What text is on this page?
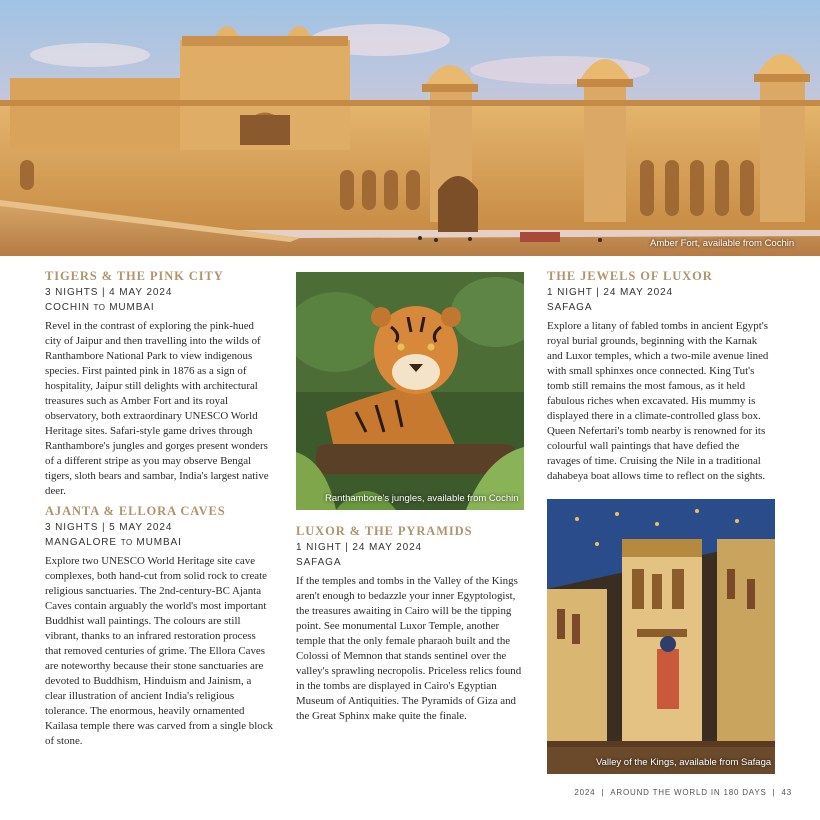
Amber Fort, available from Cochin
TIGERS & THE PINK CITY
3 NIGHTS | 4 MAY 2024
COCHIN TO MUMBAI

Revel in the contrast of exploring the pink-hued city of Jaipur and then travelling into the wilds of Ranthambore National Park to view indigenous species. First painted pink in 1876 as a sign of hospitality, Jaipur still delights with architectural treasures such as Amber Fort and its royal observatory, both extraordinary UNESCO World Heritage sites. Safari-style game drives through Ranthambore's jungles and gorges present wonders of a different stripe as you may observe Bengal tigers, sloth bears and sambar, India's largest native deer.

AJANTA & ELLORA CAVES
3 NIGHTS | 5 MAY 2024
MANGALORE TO MUMBAI

Explore two UNESCO World Heritage site cave complexes, both hand-cut from solid rock to create religious sanctuaries. The 2nd-century-BC Ajanta Caves contain arguably the world's most important Buddhist wall paintings. The colours are still vibrant, thanks to an infrared restoration process that removed centuries of grime. The Ellora Caves are noteworthy because their stone sanctuaries are devoted to Buddhism, Hinduism and Jainism, a clear illustration of ancient India's religious tolerance. The enormous, heavily ornamented Kailasa temple there was carved from a single block of stone.

Ranthambore's jungles, available from Cochin
LUXOR & THE PYRAMIDS
1 NIGHT | 24 MAY 2024
SAFAGA

If the temples and tombs in the Valley of the Kings aren't enough to bedazzle your inner Egyptologist, the treasures awaiting in Cairo will be the tipping point. See monumental Luxor Temple, another temple that the only female pharaoh built and the Colossi of Memnon that stands sentinel over the valley's sprawling necropolis. Priceless relics found in the tombs are displayed in Cairo's Egyptian Museum of Antiquities. The Pyramids of Giza and the Great Sphinx make quite the finale.

THE JEWELS OF LUXOR
1 NIGHT | 24 MAY 2024
SAFAGA

Explore a litany of fabled tombs in ancient Egypt's royal burial grounds, beginning with the Karnak and Luxor temples, which a two-mile avenue lined with small sphinxes once connected. King Tut's tomb still remains the most famous, as it held fabulous riches when excavated. His mummy is displayed there in a climate-controlled glass box. Queen Nefertari's tomb nearby is renowned for its colourful wall paintings that have defied the ravages of time. Cruising the Nile in a traditional dahabeya boat allows time to reflect on the sights.

Valley of the Kings, available from Safaga
2024 | AROUND THE WORLD IN 180 DAYS | 43
